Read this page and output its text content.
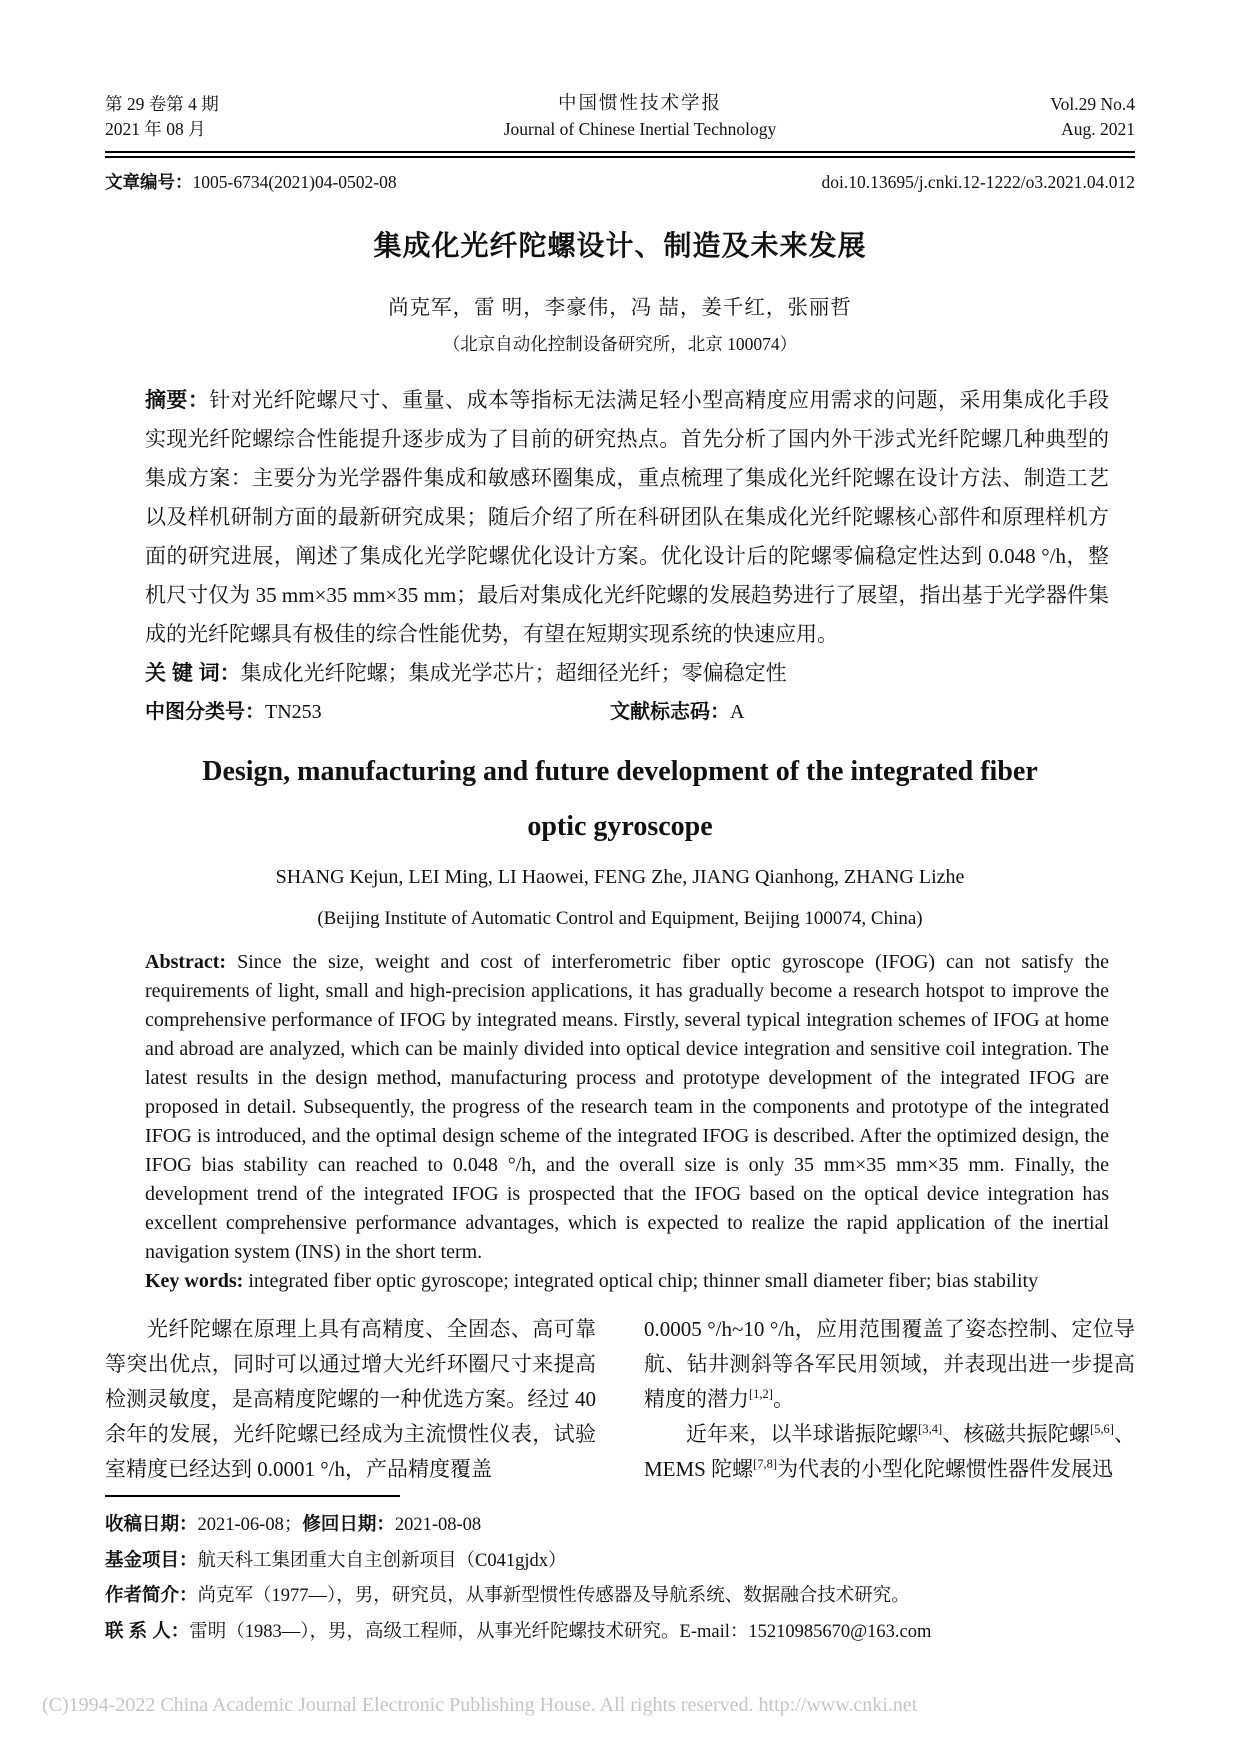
第 29 卷第 4 期
2021 年 08 月
中国惯性技术学报
Journal of Chinese Inertial Technology
Vol.29 No.4
Aug. 2021
文章编号：1005-6734(2021)04-0502-08	doi.10.13695/j.cnki.12-1222/o3.2021.04.012
集成化光纤陀螺设计、制造及未来发展
尚克军，雷 明，李豪伟，冯 喆，姜千红，张丽哲
（北京自动化控制设备研究所，北京 100074）

摘要：针对光纤陀螺尺寸、重量、成本等指标无法满足轻小型高精度应用需求的问题，采用集成化手段实现光纤陀螺综合性能提升逐步成为了目前的研究热点。首先分析了国内外干涉式光纤陀螺几种典型的集成方案：主要分为光学器件集成和敏感环圈集成，重点梳理了集成化光纤陀螺在设计方法、制造工艺以及样机研制方面的最新研究成果；随后介绍了所在科研团队在集成化光纤陀螺核心部件和原理样机方面的研究进展，阐述了集成化光学陀螺优化设计方案。优化设计后的陀螺零偏稳定性达到 0.048 °/h，整机尺寸仅为 35 mm×35 mm×35 mm；最后对集成化光纤陀螺的发展趋势进行了展望，指出基于光学器件集成的光纤陀螺具有极佳的综合性能优势，有望在短期实现系统的快速应用。

关 键 词：集成化光纤陀螺；集成光学芯片；超细径光纤；零偏稳定性

中图分类号：TN253	文献标志码：A
Design, manufacturing and future development of the integrated fiber optic gyroscope
SHANG Kejun, LEI Ming, LI Haowei, FENG Zhe, JIANG Qianhong, ZHANG Lizhe
(Beijing Institute of Automatic Control and Equipment, Beijing 100074, China)

Abstract: Since the size, weight and cost of interferometric fiber optic gyroscope (IFOG) can not satisfy the requirements of light, small and high-precision applications, it has gradually become a research hotspot to improve the comprehensive performance of IFOG by integrated means. Firstly, several typical integration schemes of IFOG at home and abroad are analyzed, which can be mainly divided into optical device integration and sensitive coil integration. The latest results in the design method, manufacturing process and prototype development of the integrated IFOG are proposed in detail. Subsequently, the progress of the research team in the components and prototype of the integrated IFOG is introduced, and the optimal design scheme of the integrated IFOG is described. After the optimized design, the IFOG bias stability can reached to 0.048 °/h, and the overall size is only 35 mm×35 mm×35 mm. Finally, the development trend of the integrated IFOG is prospected that the IFOG based on the optical device integration has excellent comprehensive performance advantages, which is expected to realize the rapid application of the inertial navigation system (INS) in the short term.

Key words: integrated fiber optic gyroscope; integrated optical chip; thinner small diameter fiber; bias stability

光纤陀螺在原理上具有高精度、全固态、高可靠等突出优点，同时可以通过增大光纤环圈尺寸来提高检测灵敏度，是高精度陀螺的一种优选方案。经过 40 余年的发展，光纤陀螺已经成为主流惯性仪表，试验室精度已经达到 0.0001 °/h，产品精度覆盖

0.0005 °/h~10 °/h，应用范围覆盖了姿态控制、定位导航、钻井测斜等各军民用领域，并表现出进一步提高精度的潜力[1,2]。

近年来，以半球谐振陀螺[3,4]、核磁共振陀螺[5,6]、MEMS 陀螺[7,8]为代表的小型化陀螺惯性器件发展迅

收稿日期：2021-06-08；修回日期：2021-08-08
基金项目：航天科工集团重大自主创新项目（C041gjdx）
作者简介：尚克军（1977—），男，研究员，从事新型惯性传感器及导航系统、数据融合技术研究。
联 系 人：雷明（1983—），男，高级工程师，从事光纤陀螺技术研究。E-mail：15210985670@163.com
(C)1994-2022 China Academic Journal Electronic Publishing House. All rights reserved. http://www.cnki.net
